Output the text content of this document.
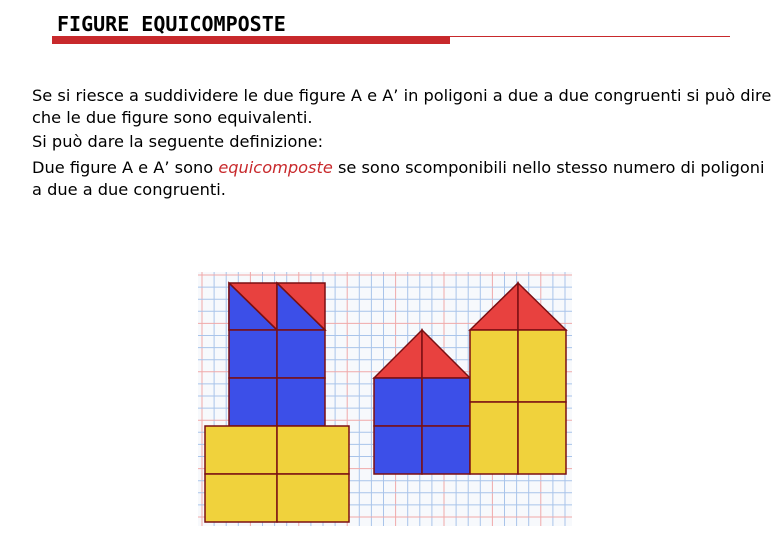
FIGURE EQUICOMPOSTE

Se si riesce a suddividere le due figure A e A’ in poligoni a due a due congruenti si può dire che le due figure sono equivalenti.

Si può dare la seguente definizione:

Due figure A e A’ sono equicomposte se sono scomponibili nello stesso numero di poligoni a due a due congruenti.
